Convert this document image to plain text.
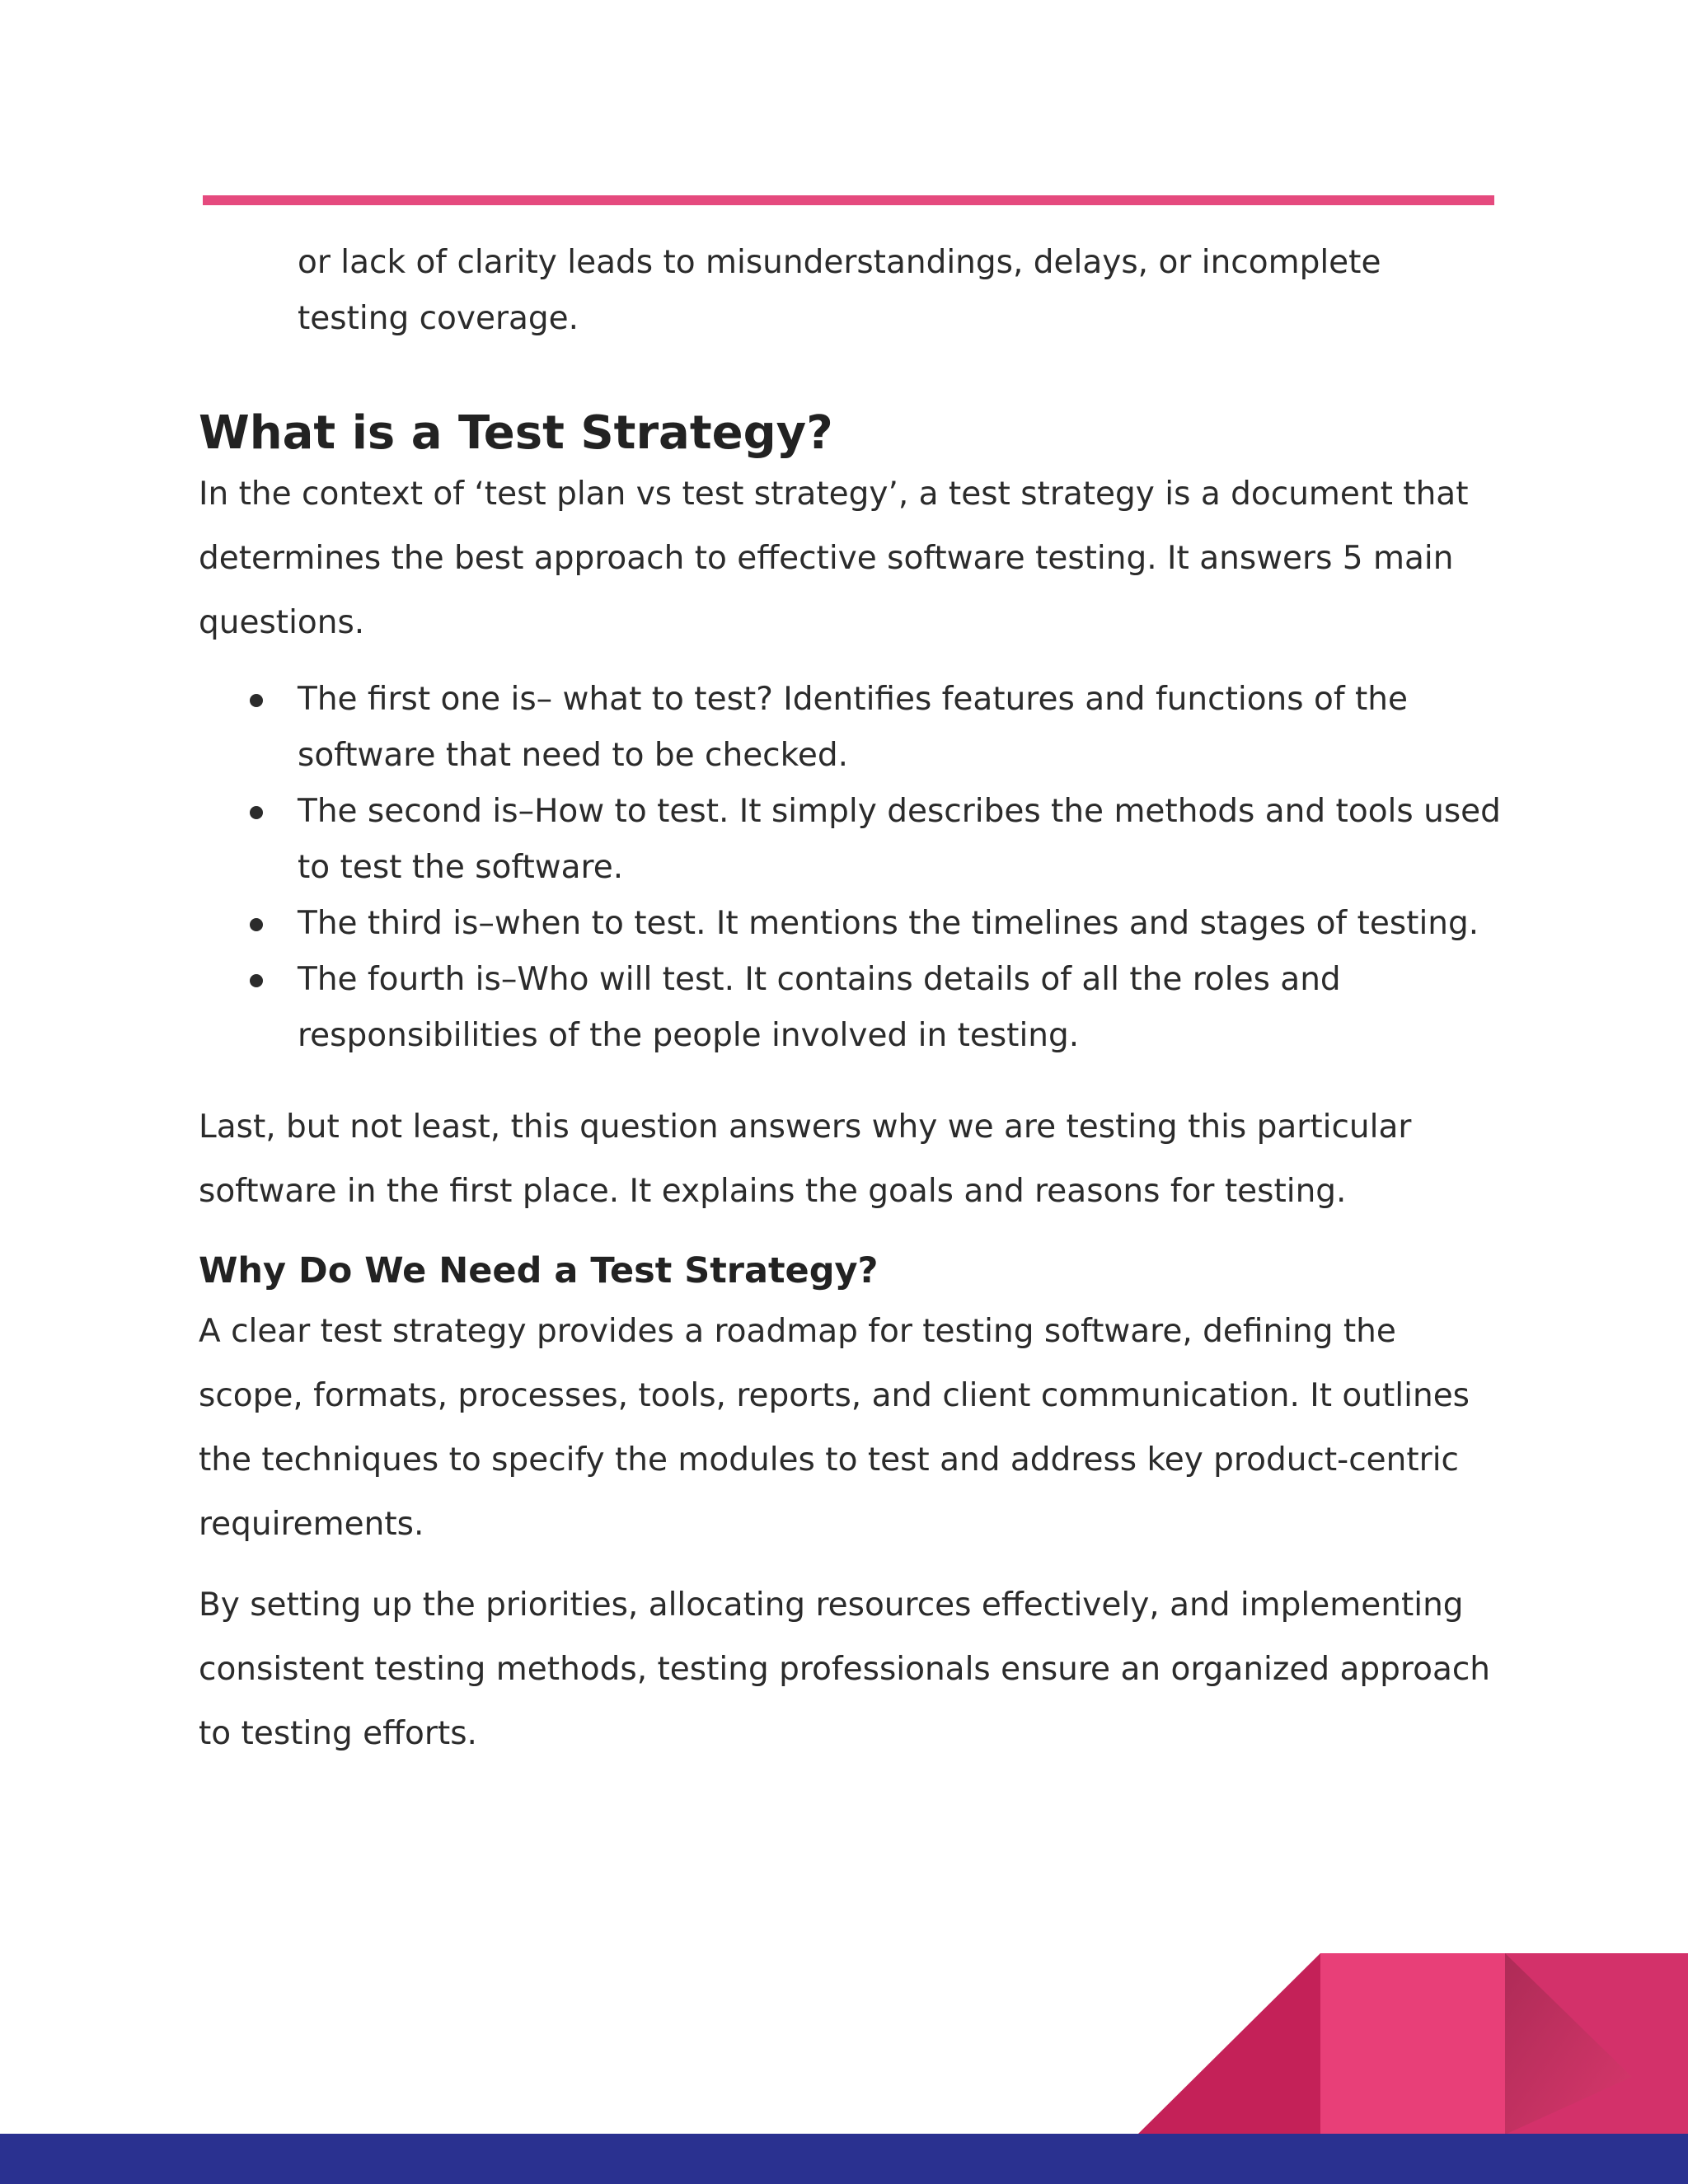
or lack of clarity leads to misunderstandings, delays, or incomplete testing coverage.

What is a Test Strategy?

In the context of ‘test plan vs test strategy’, a test strategy is a document that determines the best approach to effective software testing. It answers 5 main questions.

The first one is– what to test? Identifies features and functions of the software that need to be checked.
The second is–How to test. It simply describes the methods and tools used to test the software.
The third is–when to test. It mentions the timelines and stages of testing.
The fourth is–Who will test. It contains details of all the roles and responsibilities of the people involved in testing.

Last, but not least, this question answers why we are testing this particular software in the first place. It explains the goals and reasons for testing.

Why Do We Need a Test Strategy?

A clear test strategy provides a roadmap for testing software, defining the scope, formats, processes, tools, reports, and client communication. It outlines the techniques to specify the modules to test and address key product-centric requirements.

By setting up the priorities, allocating resources effectively, and implementing consistent testing methods, testing professionals ensure an organized approach to testing efforts.
